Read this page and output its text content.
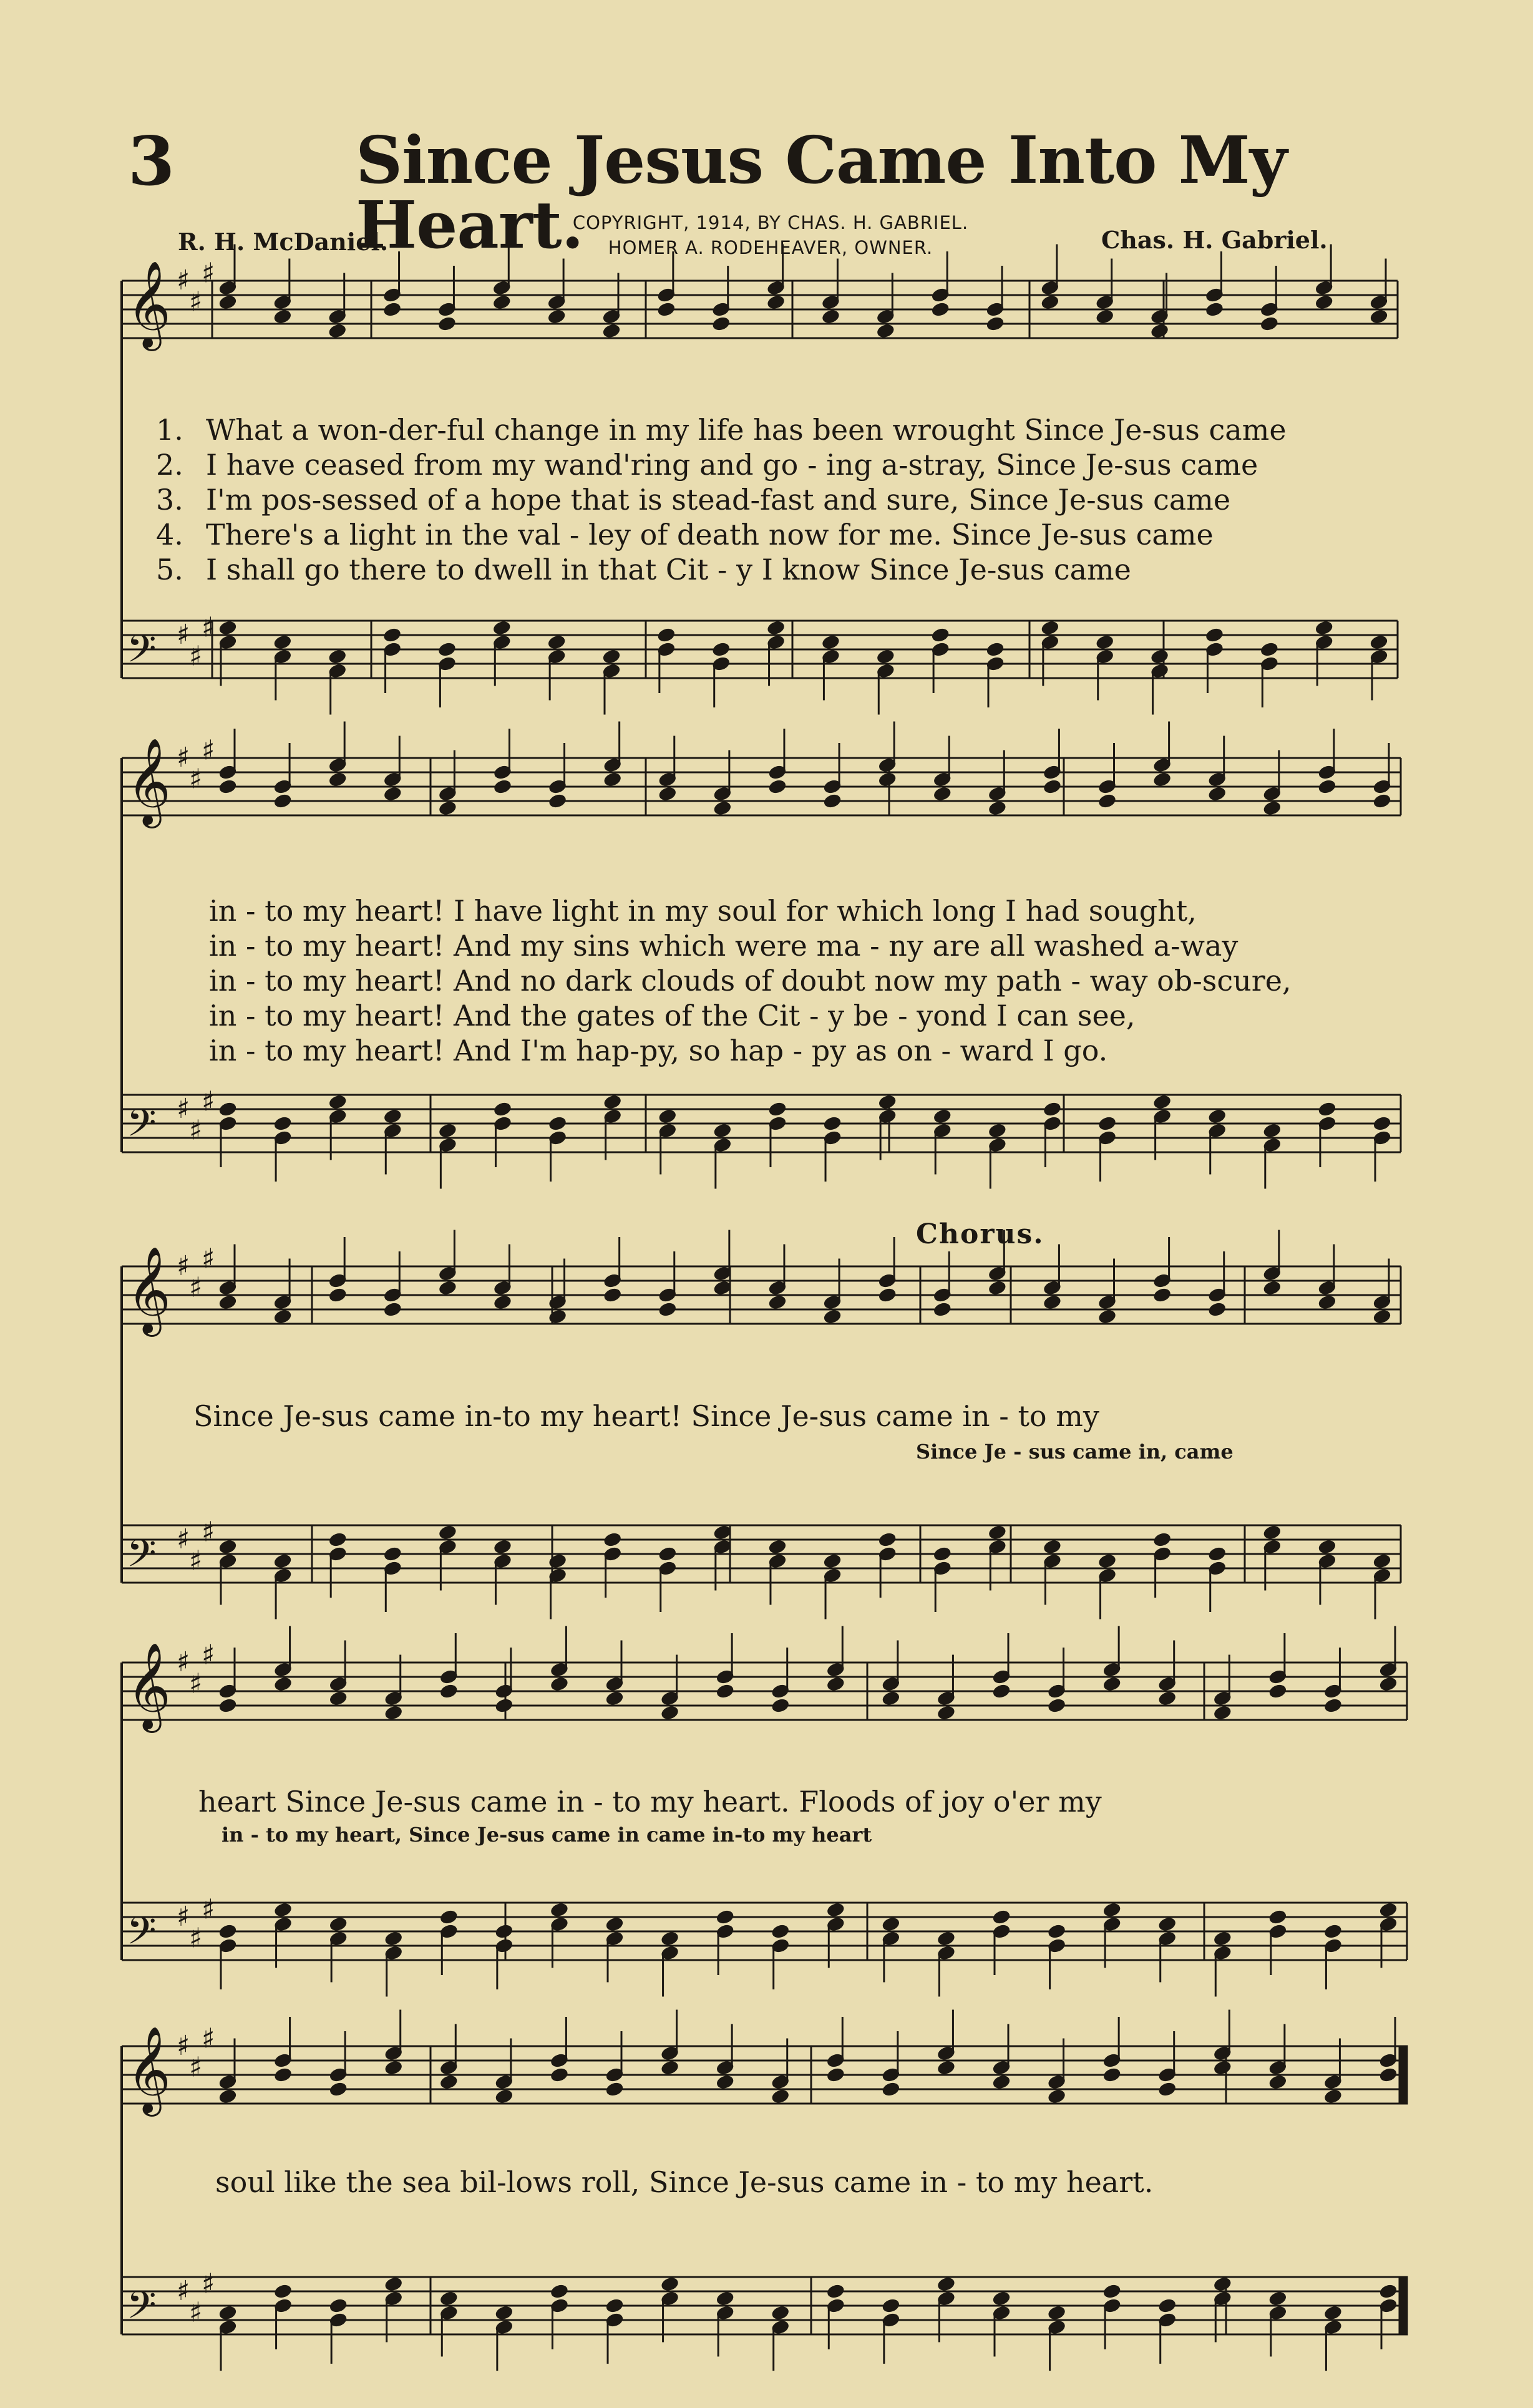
3	Since Jesus Came Into My Heart.
COPYRIGHT, 1914, BY CHAS. H. GABRIEL.
HOMER A. RODEHEAVER, OWNER.
R. H. McDaniel.	Chas. H. Gabriel.
𝄞 ♯
♯
♯
𝄢 ♯
♯
♯
𝄞 ♯
♯
♯
𝄢 ♯
♯
♯
𝄞 ♯
♯
♯
𝄢 ♯
♯
♯
𝄞 ♯
♯
♯
𝄢 ♯
♯
♯
𝄞 ♯
♯
♯
𝄢 ♯
♯
♯
1. What a won-der-ful change in my life has been wrought Since Je-sus came
2. I have ceased from my wand'ring and go - ing a-stray, Since Je-sus came
3. I'm pos-sessed of a hope that is stead-fast and sure, Since Je-sus came
4. There's a light in the val - ley of death now for me. Since Je-sus came
5. I shall go there to dwell in that Cit - y I know Since Je-sus came
in - to my heart! I have light in my soul for which long I had sought,
in - to my heart! And my sins which were ma - ny are all washed a-way
in - to my heart! And no dark clouds of doubt now my path - way ob-scure,
in - to my heart! And the gates of the Cit - y be - yond I can see,
in - to my heart! And I'm hap-py, so hap - py as on - ward I go.
Chorus.
Since Je-sus came in-to my heart! Since Je-sus came in - to my
Since Je - sus came in, came
heart Since Je-sus came in - to my heart. Floods of joy o'er my
in - to my heart, Since Je-sus came in came in-to my heart
soul like the sea bil-lows roll, Since Je-sus came in - to my heart.
